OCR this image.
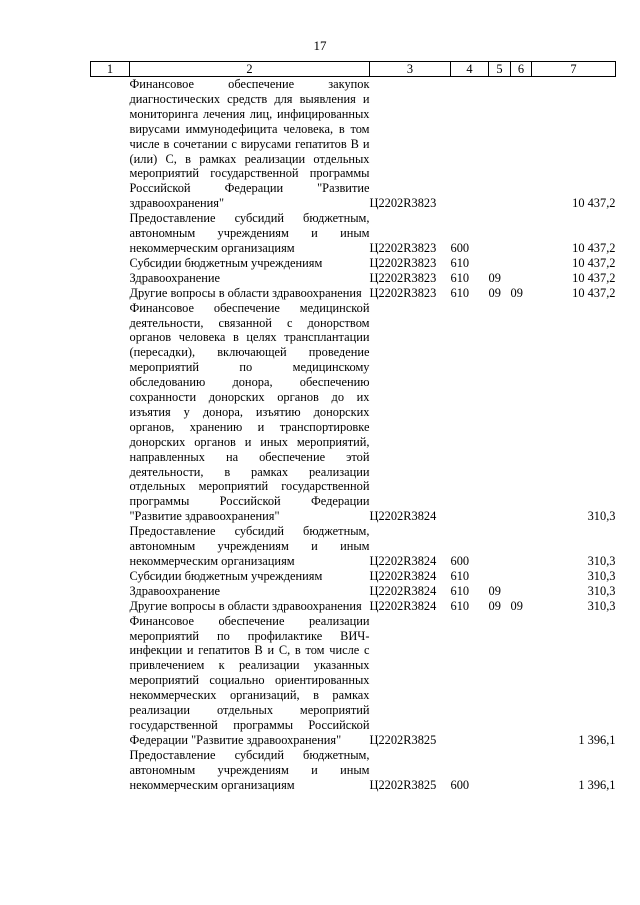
17
1	2	3	4	5	6	7
	Финансовое обеспечение закупок диагностических средств для выявления и мониторинга лечения лиц, инфицированных вирусами иммунодефицита человека, в том числе в сочетании с вирусами гепатитов B и (или) C, в рамках реализации отдельных мероприятий государственной программы Российской Федерации "Развитие здравоохранения"	Ц2202R3823				10 437,2
	Предоставление субсидий бюджетным, автономным учреждениям и иным некоммерческим организациям	Ц2202R3823	600			10 437,2
	Субсидии бюджетным учреждениям	Ц2202R3823	610			10 437,2
	Здравоохранение	Ц2202R3823	610	09		10 437,2
	Другие вопросы в области здравоохранения	Ц2202R3823	610	09	09	10 437,2
	Финансовое обеспечение медицинской деятельности, связанной с донорством органов человека в целях трансплантации (пересадки), включающей проведение мероприятий по медицинскому обследованию донора, обеспечению сохранности донорских органов до их изъятия у донора, изъятию донорских органов, хранению и транспортировке донорских органов и иных мероприятий, направленных на обеспечение этой деятельности, в рамках реализации отдельных мероприятий государственной программы Российской Федерации "Развитие здравоохранения"	Ц2202R3824				310,3
	Предоставление субсидий бюджетным, автономным учреждениям и иным некоммерческим организациям	Ц2202R3824	600			310,3
	Субсидии бюджетным учреждениям	Ц2202R3824	610			310,3
	Здравоохранение	Ц2202R3824	610	09		310,3
	Другие вопросы в области здравоохранения	Ц2202R3824	610	09	09	310,3
	Финансовое обеспечение реализации мероприятий по профилактике ВИЧ-инфекции и гепатитов B и C, в том числе с привлечением к реализации указанных мероприятий социально ориентированных некоммерческих организаций, в рамках реализации отдельных мероприятий государственной программы Российской Федерации "Развитие здравоохранения"	Ц2202R3825				1 396,1
	Предоставление субсидий бюджетным, автономным учреждениям и иным некоммерческим организациям	Ц2202R3825	600			1 396,1
